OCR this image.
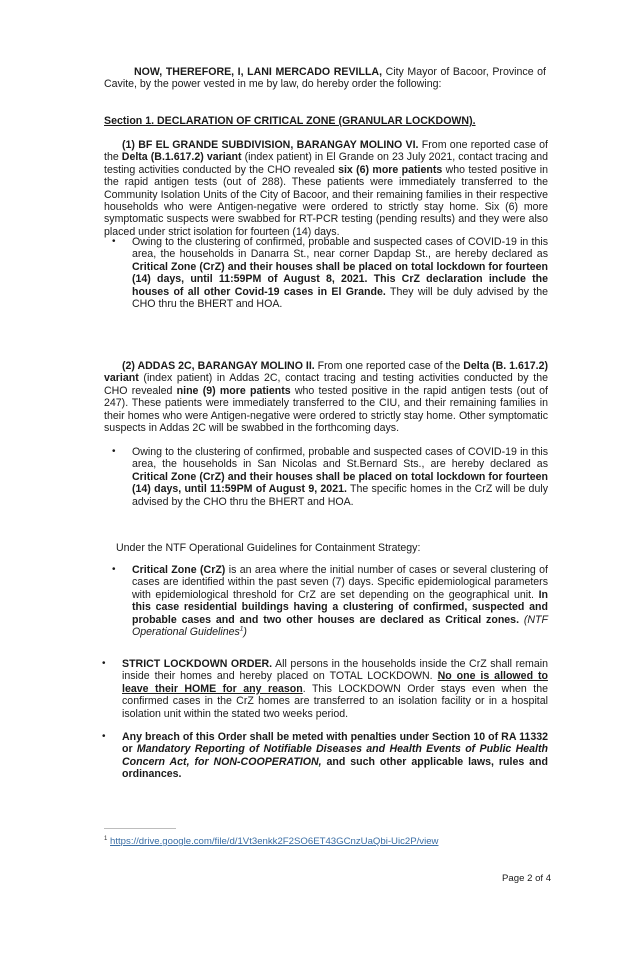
NOW, THEREFORE, I, LANI MERCADO REVILLA, City Mayor of Bacoor, Province of Cavite, by the power vested in me by law, do hereby order the following:
Section 1. DECLARATION OF CRITICAL ZONE (GRANULAR LOCKDOWN).
(1) BF EL GRANDE SUBDIVISION, BARANGAY MOLINO VI. From one reported case of the Delta (B.1.617.2) variant (index patient) in El Grande on 23 July 2021, contact tracing and testing activities conducted by the CHO revealed six (6) more patients who tested positive in the rapid antigen tests (out of 288). These patients were immediately transferred to the Community Isolation Units of the City of Bacoor, and their remaining families in their respective households who were Antigen-negative were ordered to strictly stay home. Six (6) more symptomatic suspects were swabbed for RT-PCR testing (pending results) and they were also placed under strict isolation for fourteen (14) days.
• Owing to the clustering of confirmed, probable and suspected cases of COVID-19 in this area, the households in Danarra St., near corner Dapdap St., are hereby declared as Critical Zone (CrZ) and their houses shall be placed on total lockdown for fourteen (14) days, until 11:59PM of August 8, 2021. This CrZ declaration include the houses of all other Covid-19 cases in El Grande. They will be duly advised by the CHO thru the BHERT and HOA.
(2) ADDAS 2C, BARANGAY MOLINO II. From one reported case of the Delta (B. 1.617.2) variant (index patient) in Addas 2C, contact tracing and testing activities conducted by the CHO revealed nine (9) more patients who tested positive in the rapid antigen tests (out of 247). These patients were immediately transferred to the CIU, and their remaining families in their homes who were Antigen-negative were ordered to strictly stay home. Other symptomatic suspects in Addas 2C will be swabbed in the forthcoming days.
• Owing to the clustering of confirmed, probable and suspected cases of COVID-19 in this area, the households in San Nicolas and St.Bernard Sts., are hereby declared as Critical Zone (CrZ) and their houses shall be placed on total lockdown for fourteen (14) days, until 11:59PM of August 9, 2021. The specific homes in the CrZ will be duly advised by the CHO thru the BHERT and HOA.
Under the NTF Operational Guidelines for Containment Strategy:
• Critical Zone (CrZ) is an area where the initial number of cases or several clustering of cases are identified within the past seven (7) days. Specific epidemiological parameters with epidemiological threshold for CrZ are set depending on the geographical unit. In this case residential buildings having a clustering of confirmed, suspected and probable cases and and two other houses are declared as Critical zones. (NTF Operational Guidelines$^1$)
• STRICT LOCKDOWN ORDER. All persons in the households inside the CrZ shall remain inside their homes and hereby placed on TOTAL LOCKDOWN. No one is allowed to leave their HOME for any reason. This LOCKDOWN Order stays even when the confirmed cases in the CrZ homes are transferred to an isolation facility or in a hospital isolation unit within the stated two weeks period.
• Any breach of this Order shall be meted with penalties under Section 10 of RA 11332 or Mandatory Reporting of Notifiable Diseases and Health Events of Public Health Concern Act, for NON-COOPERATION, and such other applicable laws, rules and ordinances.
$^1$ https://drive.google.com/file/d/1Vt3enkk2F2SO6ET43GCnzUaQbi-Uic2P/view
Page 2 of 4
